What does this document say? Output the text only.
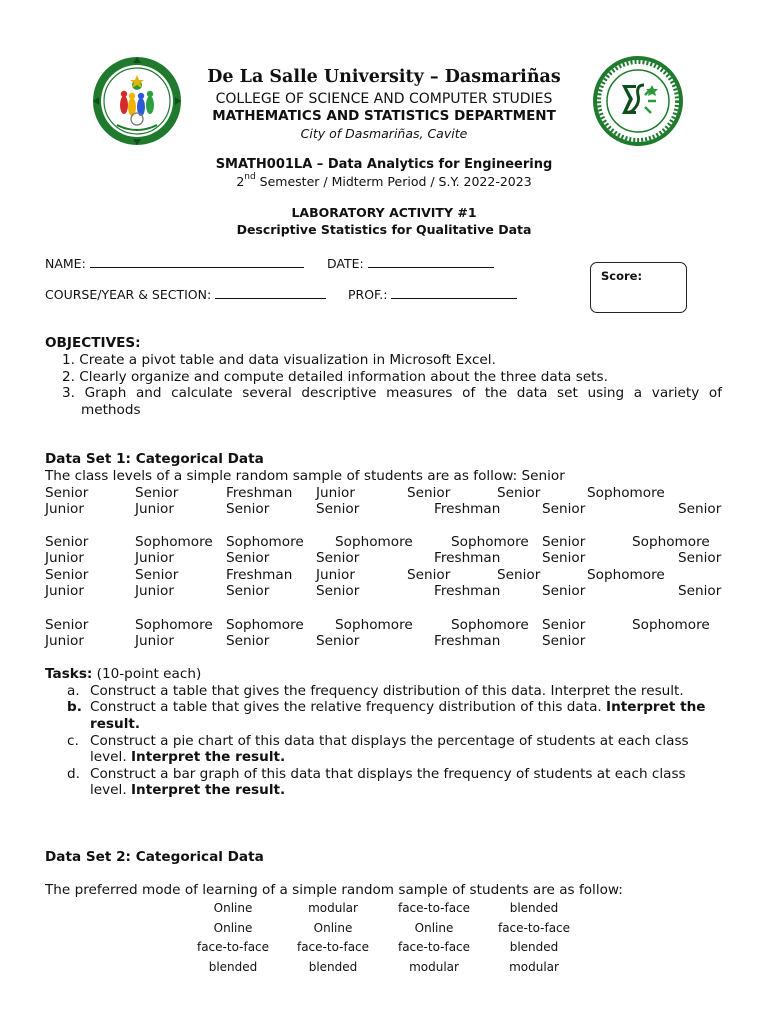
De La Salle University – Dasmariñas
COLLEGE OF SCIENCE AND COMPUTER STUDIES
MATHEMATICS AND STATISTICS DEPARTMENT
City of Dasmariñas, Cavite
SMATH001LA – Data Analytics for Engineering
2nd Semester / Midterm Period / S.Y. 2022-2023
LABORATORY ACTIVITY #1
Descriptive Statistics for Qualitative Data
NAME:	DATE:
COURSE/YEAR & SECTION:	PROF.:
Score:
OBJECTIVES:
1. Create a pivot table and data visualization in Microsoft Excel.
2. Clearly organize and compute detailed information about the three data sets.
3. Graph and calculate several descriptive measures of the data set using a variety of
methods
Data Set 1: Categorical Data
The class levels of a simple random sample of students are as follow: Senior
Senior	Senior	Freshman Junior	Senior	Senior	Sophomore
Junior	Junior	Senior	Senior	Freshman	Senior	Senior
Senior	Sophomore Sophomore Sophomore	Sophomore Senior	Sophomore
Junior	Junior	Senior	Senior	Freshman	Senior	Senior
Senior	Senior	Freshman Junior	Senior	Senior	Sophomore
Junior	Junior	Senior	Senior	Freshman	Senior	Senior
Senior	Sophomore Sophomore Sophomore	Sophomore Senior	Sophomore
Junior	Junior	Senior	Senior	Freshman	Senior
Tasks: (10-point each)
a. Construct a table that gives the frequency distribution of this data. Interpret the result.
b. Construct a table that gives the relative frequency distribution of this data. Interpret the
result.
c. Construct a pie chart of this data that displays the percentage of students at each class
level. Interpret the result.
d. Construct a bar graph of this data that displays the frequency of students at each class
level. Interpret the result.
Data Set 2: Categorical Data
The preferred mode of learning of a simple random sample of students are as follow:
Online	modular	face-to-face	blended
Online	Online	Online	face-to-face
face-to-face face-to-face face-to-face	blended
blended	blended	modular	modular
